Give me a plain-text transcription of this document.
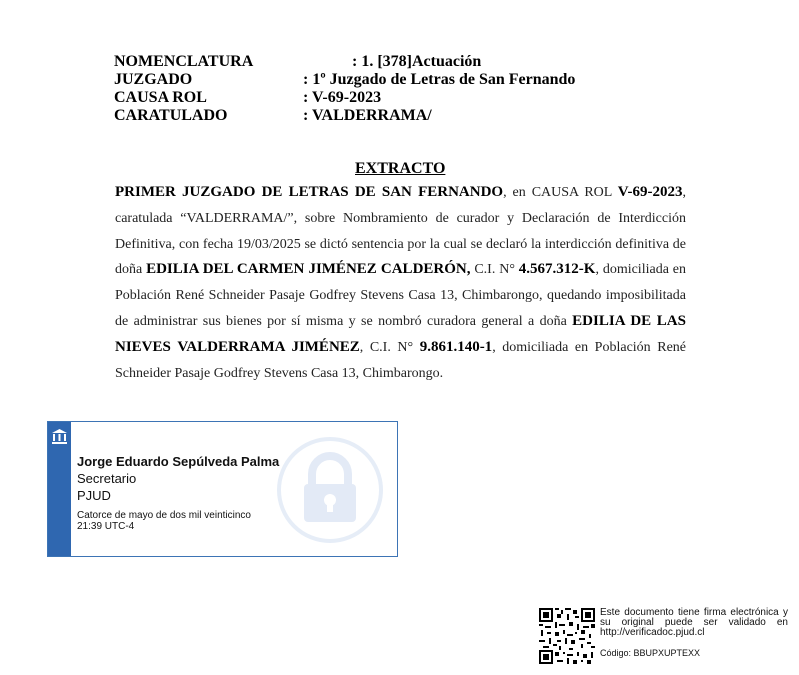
NOMENCLATURA	: 1. [378]Actuación
JUZGADO	: 1º Juzgado de Letras de San Fernando
CAUSA ROL	: V-69-2023
CARATULADO	: VALDERRAMA/
EXTRACTO

PRIMER JUZGADO DE LETRAS DE SAN FERNANDO, en CAUSA ROL V-69-2023, caratulada “VALDERRAMA/”, sobre Nombramiento de curador y Declaración de Interdicción Definitiva, con fecha 19/03/2025 se dictó sentencia por la cual se declaró la interdicción definitiva de doña EDILIA DEL CARMEN JIMÉNEZ CALDERÓN, C.I. N° 4.567.312-K, domiciliada en Población René Schneider Pasaje Godfrey Stevens Casa 13, Chimbarongo, quedando imposibilitada de administrar sus bienes por sí misma y se nombró curadora general a doña EDILIA DE LAS NIEVES VALDERRAMA JIMÉNEZ, C.I. N° 9.861.140-1, domiciliada en Población René Schneider Pasaje Godfrey Stevens Casa 13, Chimbarongo.

Jorge Eduardo Sepúlveda Palma
Secretario
PJUD
Catorce de mayo de dos mil veinticinco
21:39 UTC-4
Este documento tiene firma electrónica y su original puede ser validado en http://verificadoc.pjud.cl
Código: BBUPXUPTEXX
